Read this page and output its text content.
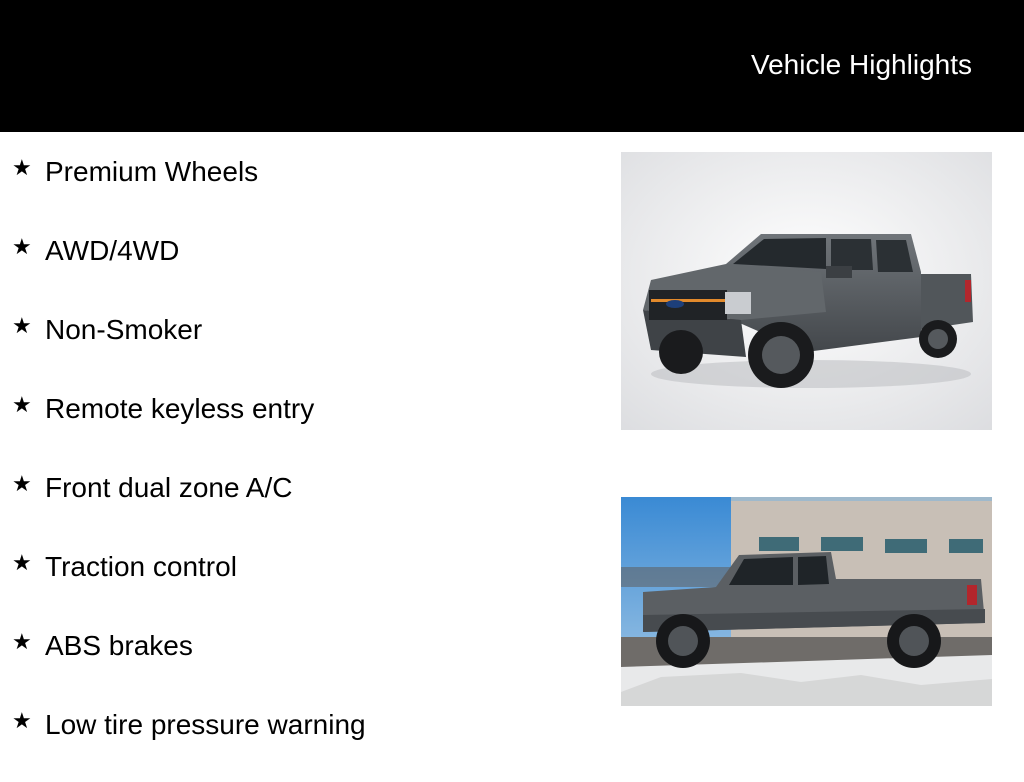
Vehicle Highlights
★ Premium Wheels
★ AWD/4WD
★ Non-Smoker
★ Remote keyless entry
★ Front dual zone A/C
★ Traction control
★ ABS brakes
★ Low tire pressure warning
